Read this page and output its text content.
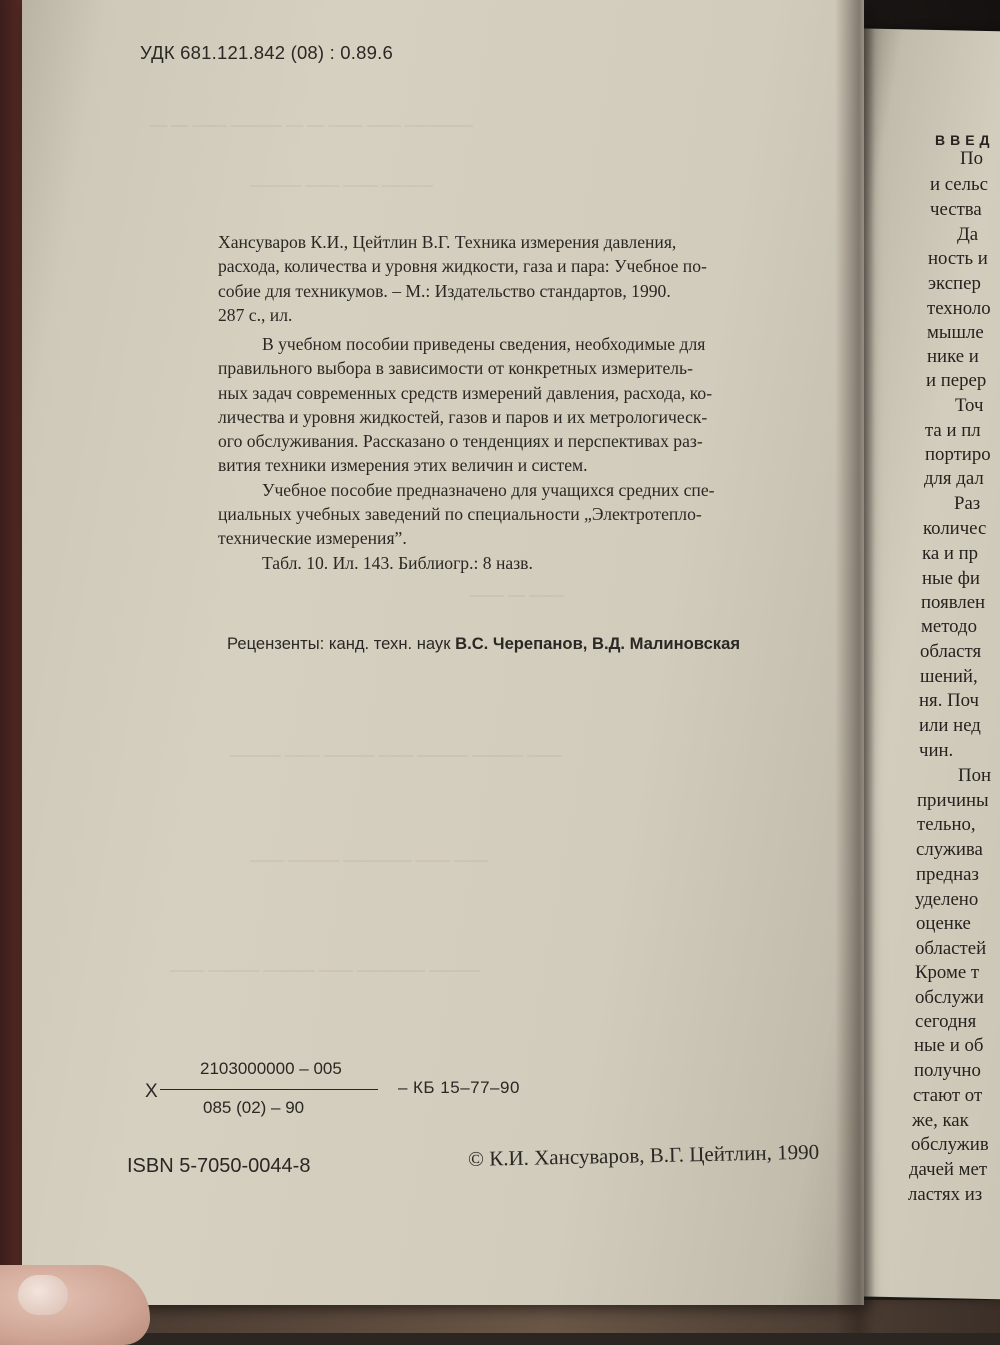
— — —— ——— — — —— —— ————
——— —— —— ———
—— — ——
——— —— ——— —— ——— ——— ——
—— ——— ———— —— ——
—— ——— ——— —— ———— ———

УДК 681.121.842 (08) : 0.89.6

Хансуваров К.И., Цейтлин В.Г. Техника измерения давления,
расхода, количества и уровня жидкости, газа и пара: Учебное по-
собие для техникумов. – М.: Издательство стандартов, 1990.
287 с., ил.
В учебном пособии приведены сведения, необходимые для
правильного выбора в зависимости от конкретных измеритель-
ных задач современных средств измерений давления, расхода, ко-
личества и уровня жидкостей, газов и паров и их метрологическ-
ого обслуживания. Рассказано о тенденциях и перспективах раз-
вития техники измерения этих величин и систем.
Учебное пособие предназначено для учащихся средних спе-
циальных учебных заведений по специальности „Электротепло-
технические измерения”.
Табл. 10. Ил. 143. Библиогр.: 8 назв.

Рецензенты: канд. техн. наук В.С. Черепанов, В.Д. Малиновская

Х

2103000000 – 005

085 (02) – 90

– КБ 15–77–90

ISBN 5-7050-0044-8	© К.И. Хансуваров, В.Г. Цейтлин, 1990

ВВЕД
По
и сельс
чества
Да
ность и
экспер
техноло
мышле
нике и
и перер
Точ
та и пл
портиро
для дал
Раз
количес
ка и пр
ные фи
появлен
методо
областя
шений,
ня. Поч
или нед
чин.
Пон
причины
тельно,
служива
предназ
уделено
оценке
областей
Кроме т
обслужи
сегодня
ные и об
получно
стают от
же, как
обслужив
дачей мет
ластях из
